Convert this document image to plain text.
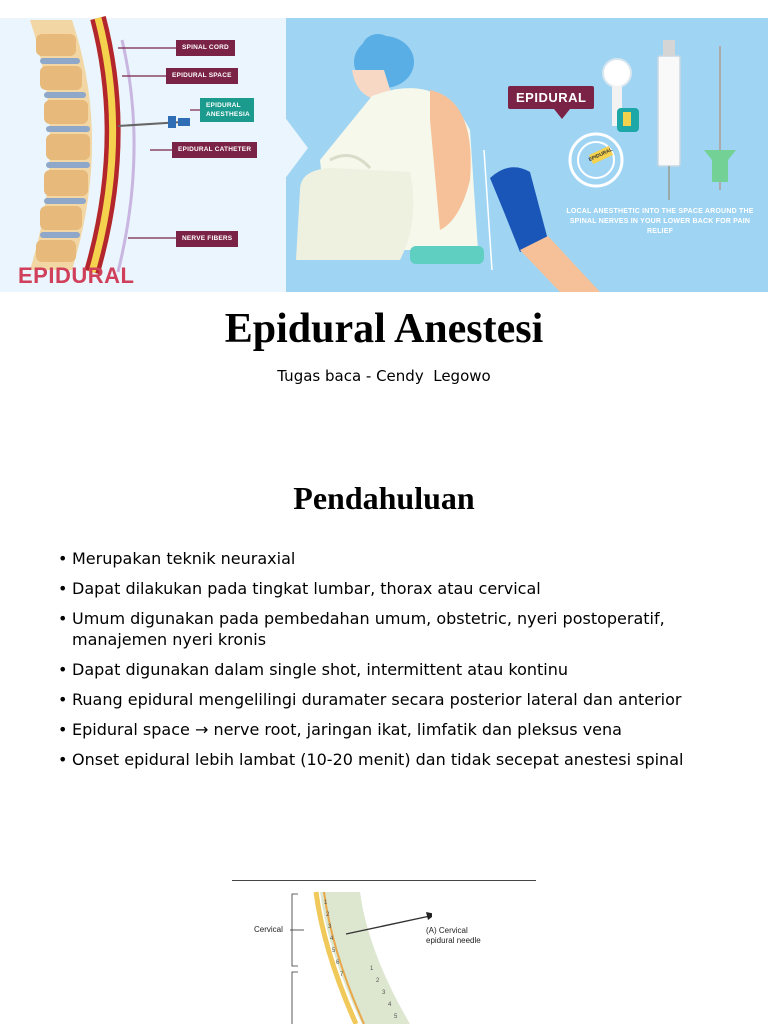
SPINAL CORD
EPIDURAL SPACE
EPIDURAL ANESTHESIA
EPIDURAL CATHETER
NERVE FIBERS
EPIDURAL
EPIDURAL
EPIDURAL
LOCAL ANESTHETIC INTO THE SPACE AROUND THE SPINAL NERVES IN YOUR LOWER BACK FOR PAIN RELIEF
Epidural Anestesi
Tugas baca - Cendy  Legowo
Pendahuluan
• Merupakan teknik neuraxial
• Dapat dilakukan pada tingkat lumbar, thorax atau cervical
• Umum digunakan pada pembedahan umum, obstetric, nyeri postoperatif, manajemen nyeri kronis
• Dapat digunakan dalam single shot, intermittent atau kontinu
• Ruang epidural mengelilingi duramater secara posterior lateral dan anterior
• Epidural space → nerve root, jaringan ikat, limfatik dan pleksus vena
• Onset epidural lebih lambat (10-20 menit) dan tidak secepat anestesi spinal
1
2
3
4
5
6
7
1
2
3
4
5
Cervical	(A) Cervical
epidural needle
